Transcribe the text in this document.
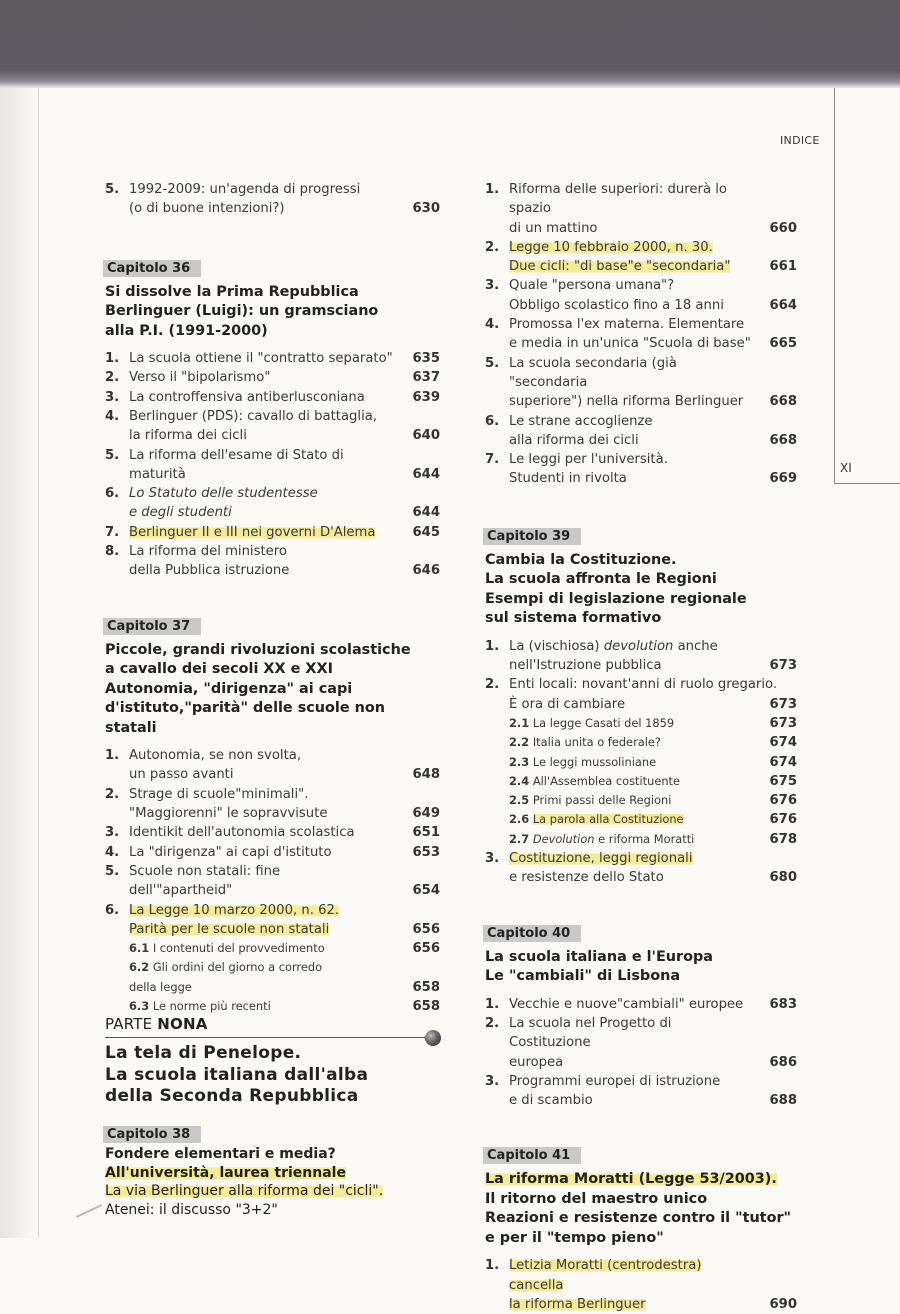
INDICE
XI
5. 1992-2009: un'agenda di progressi
(o di buone intenzioni?)	630
Capitolo 36
Si dissolve la Prima Repubblica
Berlinguer (Luigi): un gramsciano
alla P.I. (1991-2000)
1. La scuola ottiene il "contratto separato"	635
2. Verso il "bipolarismo"	637
3. La controffensiva antiberlusconiana	639
4. Berlinguer (PDS): cavallo di battaglia,
la riforma dei cicli	640
5. La riforma dell'esame di Stato di maturità	644
6. Lo Statuto delle studentesse
e degli studenti	644
7. Berlinguer II e III nei governi D'Alema	645
8. La riforma del ministero
della Pubblica istruzione	646
Capitolo 37
Piccole, grandi rivoluzioni scolastiche
a cavallo dei secoli XX e XXI
Autonomia, "dirigenza" ai capi
d'istituto,"parità" delle scuole non statali
1. Autonomia, se non svolta,
un passo avanti	648
2. Strage di scuole"minimali".
"Maggiorenni" le sopravvisute	649
3. Identikit dell'autonomia scolastica	651
4. La "dirigenza" ai capi d'istituto	653
5. Scuole non statali: fine
dell'"apartheid"	654
6. La Legge 10 marzo 2000, n. 62.
Parità per le scuole non statali	656
6.1 I contenuti del provvedimento	656
6.2 Gli ordini del giorno a corredo
della legge	658
6.3 Le norme più recenti	658
PARTE NONA
La tela di Penelope.
La scuola italiana dall'alba
della Seconda Repubblica
Capitolo 38
Fondere elementari e media?
All'università, laurea triennale
La via Berlinguer alla riforma dei "cicli".
Atenei: il discusso "3+2"
1. Riforma delle superiori: durerà lo spazio
di un mattino	660
2. Legge 10 febbraio 2000, n. 30.
Due cicli: "di base"e "secondaria"	661
3. Quale "persona umana"?
Obbligo scolastico fino a 18 anni	664
4. Promossa l'ex materna. Elementare
e media in un'unica "Scuola di base"	665
5. La scuola secondaria (già "secondaria
superiore") nella riforma Berlinguer	668
6. Le strane accoglienze
alla riforma dei cicli	668
7. Le leggi per l'università.
Studenti in rivolta	669
Capitolo 39
Cambia la Costituzione.
La scuola affronta le Regioni
Esempi di legislazione regionale
sul sistema formativo
1. La (vischiosa) devolution anche
nell'Istruzione pubblica	673
2. Enti locali: novant'anni di ruolo gregario.
È ora di cambiare	673
2.1 La legge Casati del 1859	673
2.2 Italia unita o federale?	674
2.3 Le leggi mussoliniane	674
2.4 All'Assemblea costituente	675
2.5 Primi passi delle Regioni	676
2.6 La parola alla Costituzione	676
2.7 Devolution e riforma Moratti	678
3. Costituzione, leggi regionali
e resistenze dello Stato	680
Capitolo 40
La scuola italiana e l'Europa
Le "cambiali" di Lisbona
1. Vecchie e nuove"cambiali" europee	683
2. La scuola nel Progetto di Costituzione
europea	686
3. Programmi europei di istruzione
e di scambio	688
Capitolo 41
La riforma Moratti (Legge 53/2003).
Il ritorno del maestro unico
Reazioni e resistenze contro il "tutor"
e per il "tempo pieno"
1. Letizia Moratti (centrodestra) cancella
la riforma Berlinguer	690
